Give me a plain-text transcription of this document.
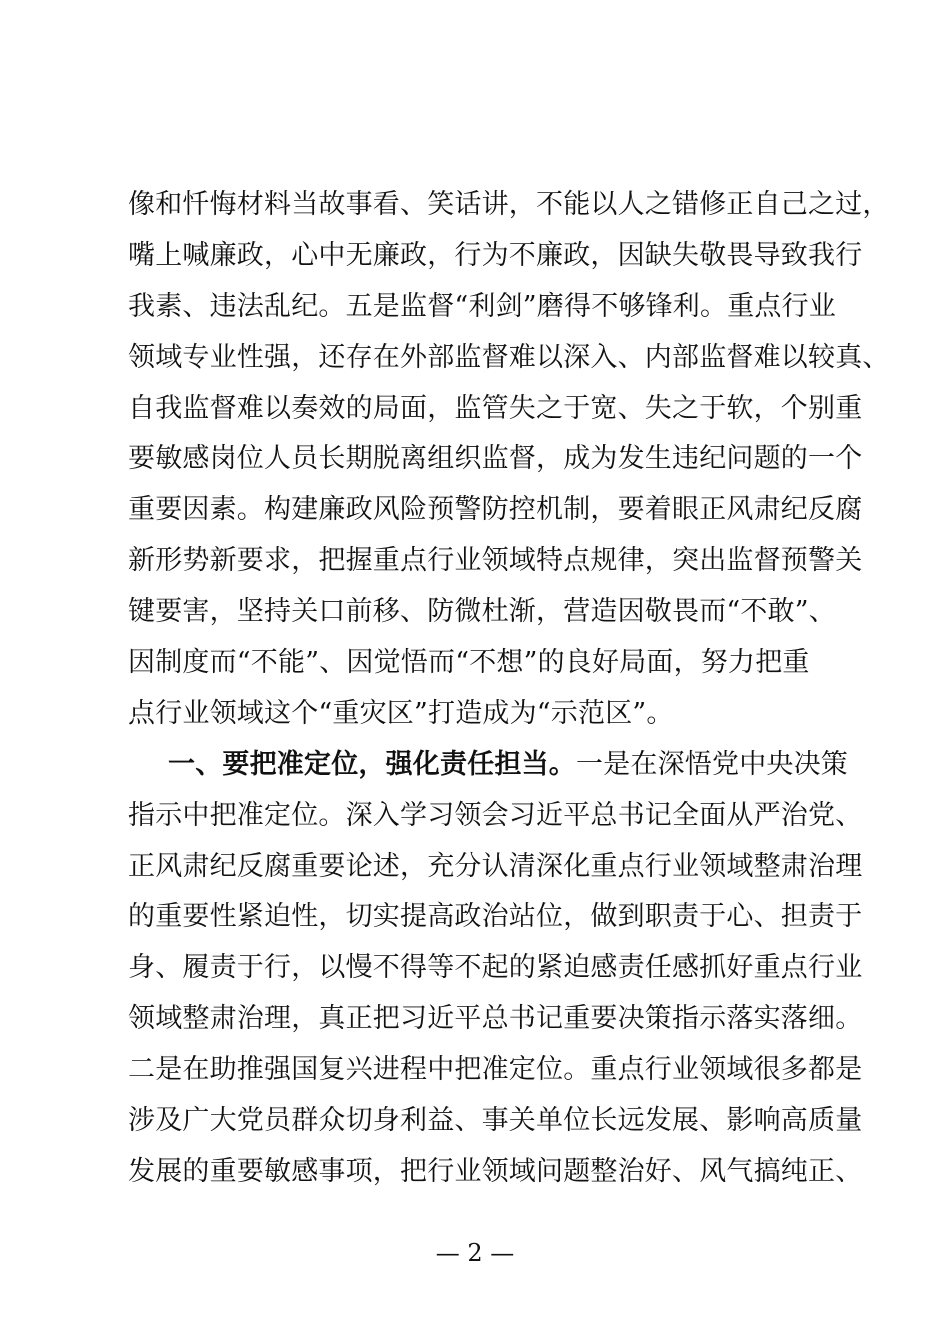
像和忏悔材料当故事看、笑话讲，不能以人之错修正自己之过，
嘴上喊廉政，心中无廉政，行为不廉政，因缺失敬畏导致我行
我素、违法乱纪。五是监督“利剑”磨得不够锋利。重点行业
领域专业性强，还存在外部监督难以深入、内部监督难以较真、
自我监督难以奏效的局面，监管失之于宽、失之于软，个别重
要敏感岗位人员长期脱离组织监督，成为发生违纪问题的一个
重要因素。构建廉政风险预警防控机制，要着眼正风肃纪反腐
新形势新要求，把握重点行业领域特点规律，突出监督预警关
键要害，坚持关口前移、防微杜渐，营造因敬畏而“不敢”、
因制度而“不能”、因觉悟而“不想”的良好局面，努力把重
点行业领域这个“重灾区”打造成为“示范区”。
一、要把准定位，强化责任担当。一是在深悟党中央决策
指示中把准定位。深入学习领会习近平总书记全面从严治党、
正风肃纪反腐重要论述，充分认清深化重点行业领域整肃治理
的重要性紧迫性，切实提高政治站位，做到职责于心、担责于
身、履责于行，以慢不得等不起的紧迫感责任感抓好重点行业
领域整肃治理，真正把习近平总书记重要决策指示落实落细。
二是在助推强国复兴进程中把准定位。重点行业领域很多都是
涉及广大党员群众切身利益、事关单位长远发展、影响高质量
发展的重要敏感事项，把行业领域问题整治好、风气搞纯正、
— 2 —
